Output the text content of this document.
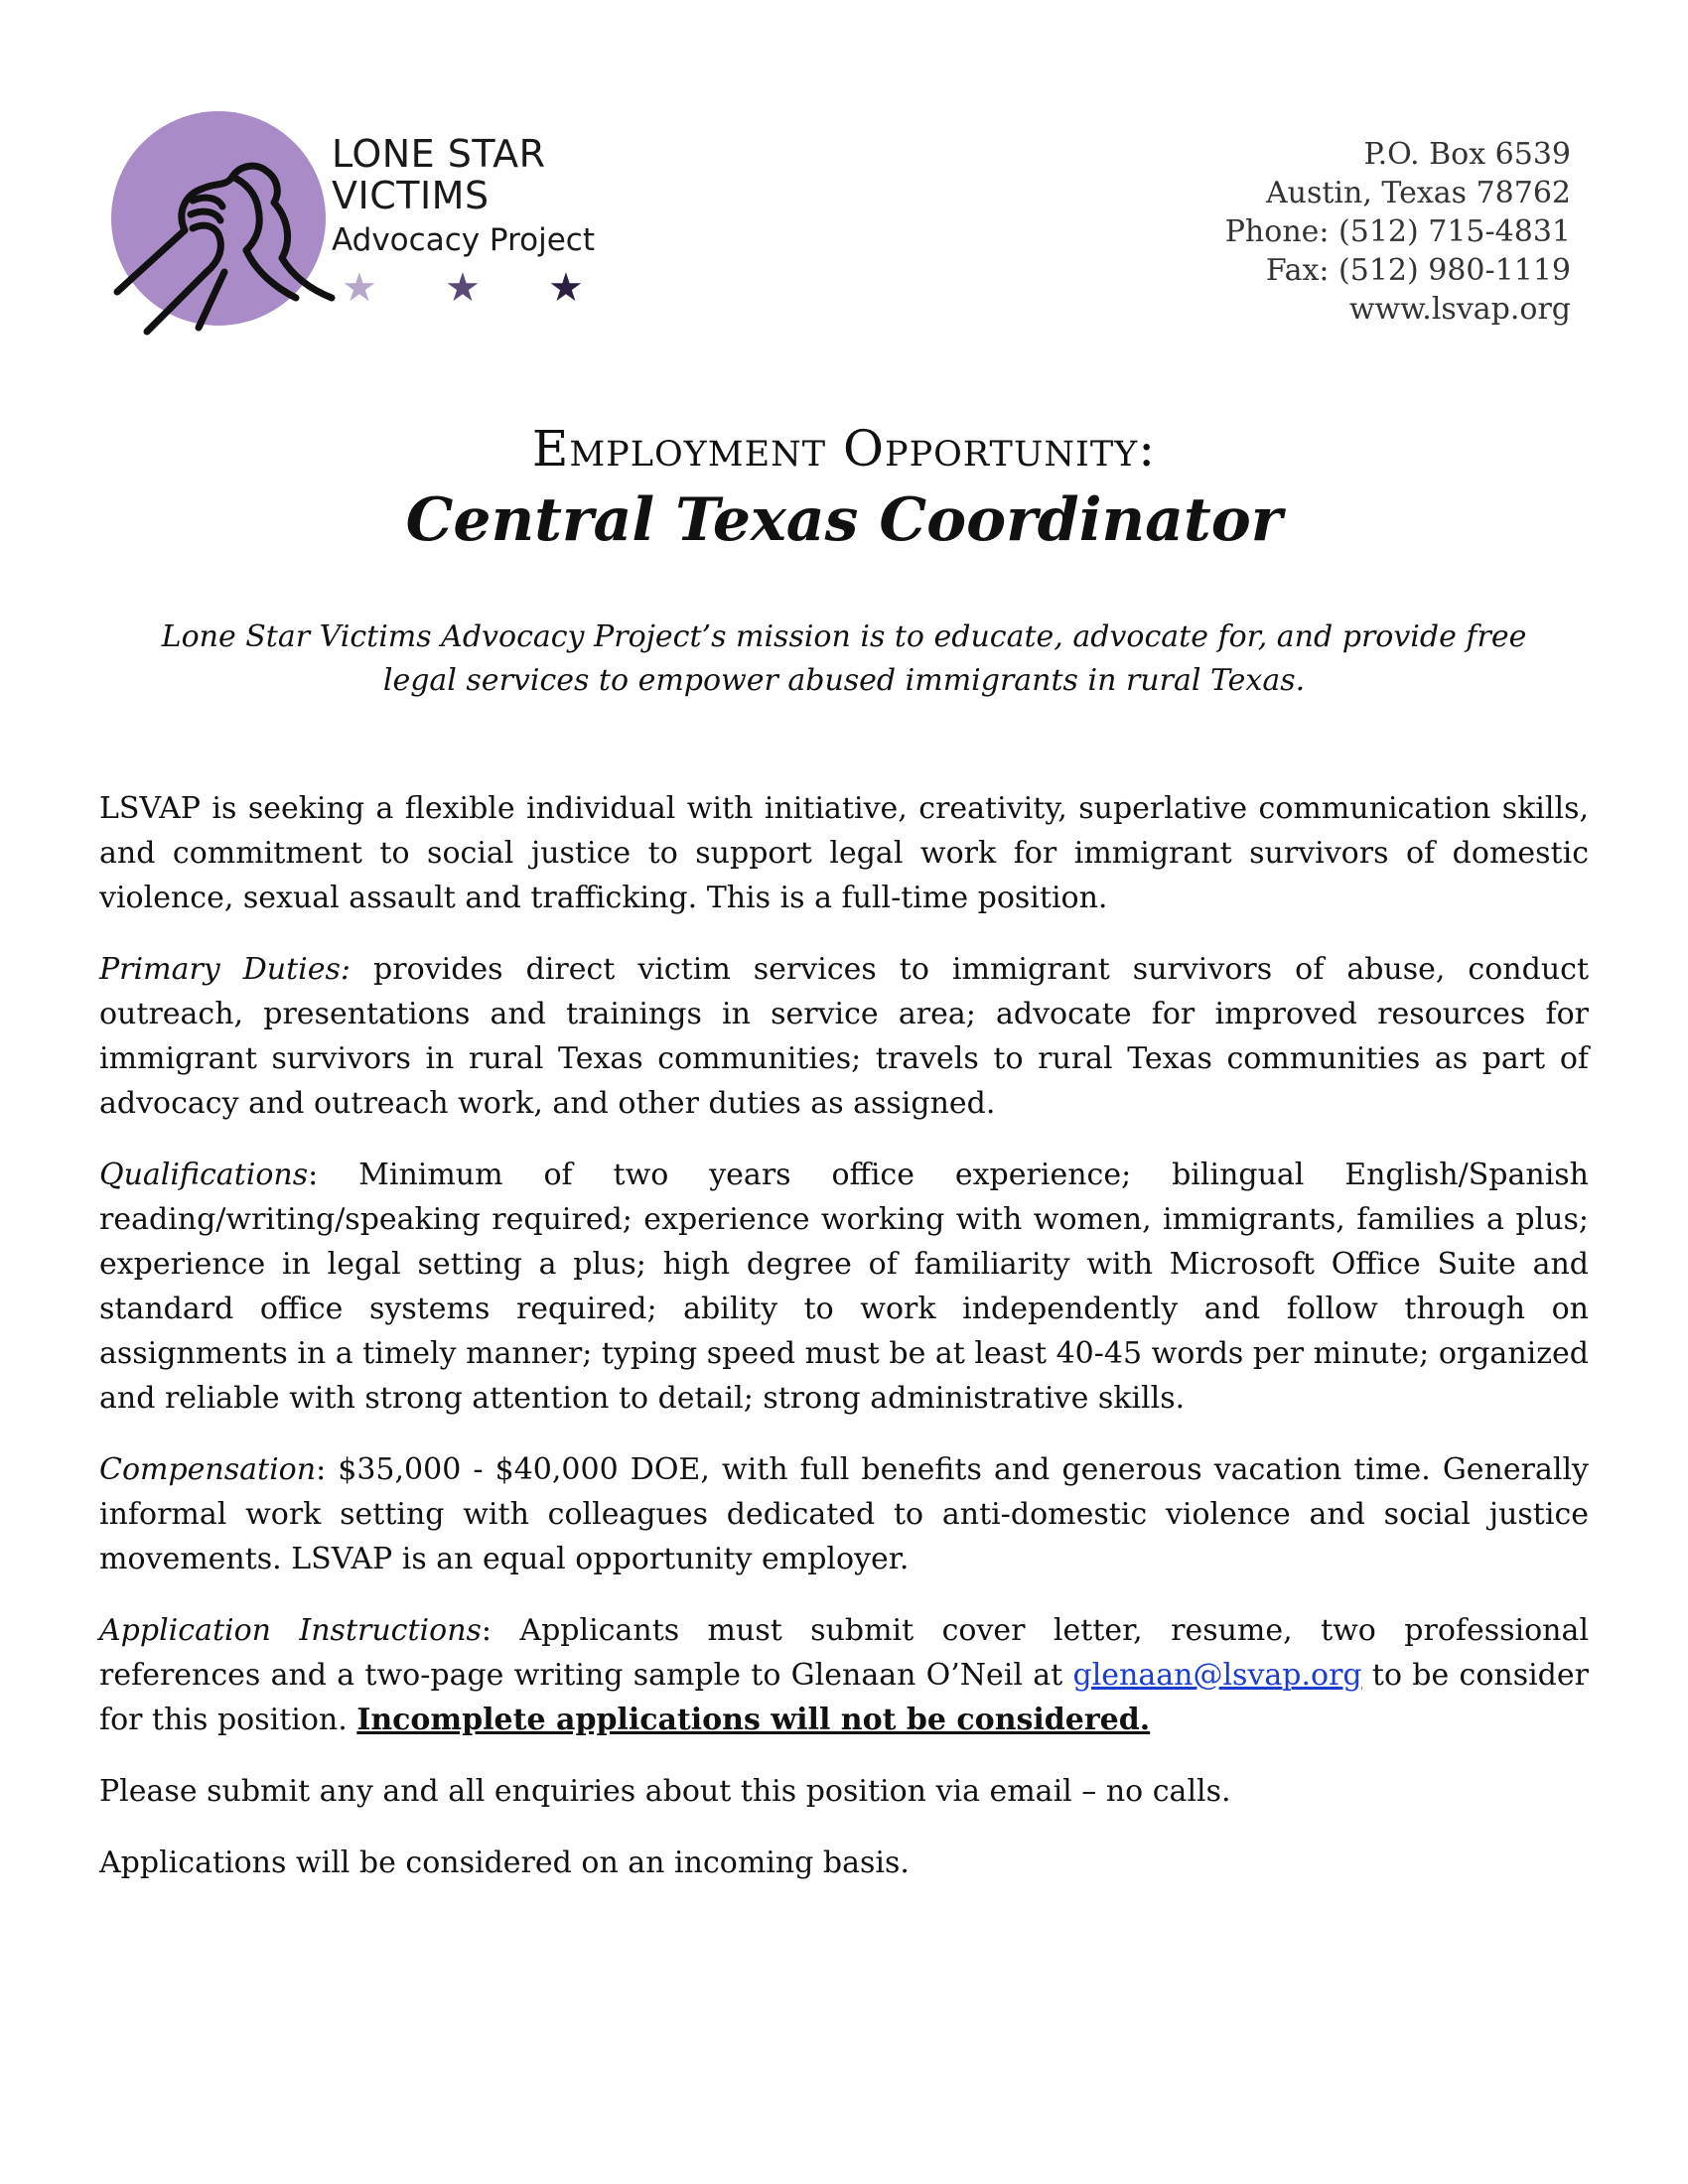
LONE STAR
VICTIMS
Advocacy Project
★ ★ ★
P.O. Box 6539
Austin, Texas 78762
Phone: (512) 715-4831
Fax: (512) 980-1119
www.lsvap.org
Employment Opportunity:
Central Texas Coordinator
Lone Star Victims Advocacy Project’s mission is to educate, advocate for, and provide free legal services to empower abused immigrants in rural Texas.

LSVAP is seeking a flexible individual with initiative, creativity, superlative communication skills, and commitment to social justice to support legal work for immigrant survivors of domestic violence, sexual assault and trafficking. This is a full-time position.

Primary Duties: provides direct victim services to immigrant survivors of abuse, conduct outreach, presentations and trainings in service area; advocate for improved resources for immigrant survivors in rural Texas communities; travels to rural Texas communities as part of advocacy and outreach work, and other duties as assigned.

Qualifications: Minimum of two years office experience; bilingual English/Spanish reading/writing/speaking required; experience working with women, immigrants, families a plus; experience in legal setting a plus; high degree of familiarity with Microsoft Office Suite and standard office systems required; ability to work independently and follow through on assignments in a timely manner; typing speed must be at least 40-45 words per minute; organized and reliable with strong attention to detail; strong administrative skills.

Compensation: $35,000 - $40,000 DOE, with full benefits and generous vacation time. Generally informal work setting with colleagues dedicated to anti-domestic violence and social justice movements. LSVAP is an equal opportunity employer.

Application Instructions: Applicants must submit cover letter, resume, two professional references and a two-page writing sample to Glenaan O’Neil at glenaan@lsvap.org to be consider for this position. Incomplete applications will not be considered.

Please submit any and all enquiries about this position via email – no calls.

Applications will be considered on an incoming basis.
